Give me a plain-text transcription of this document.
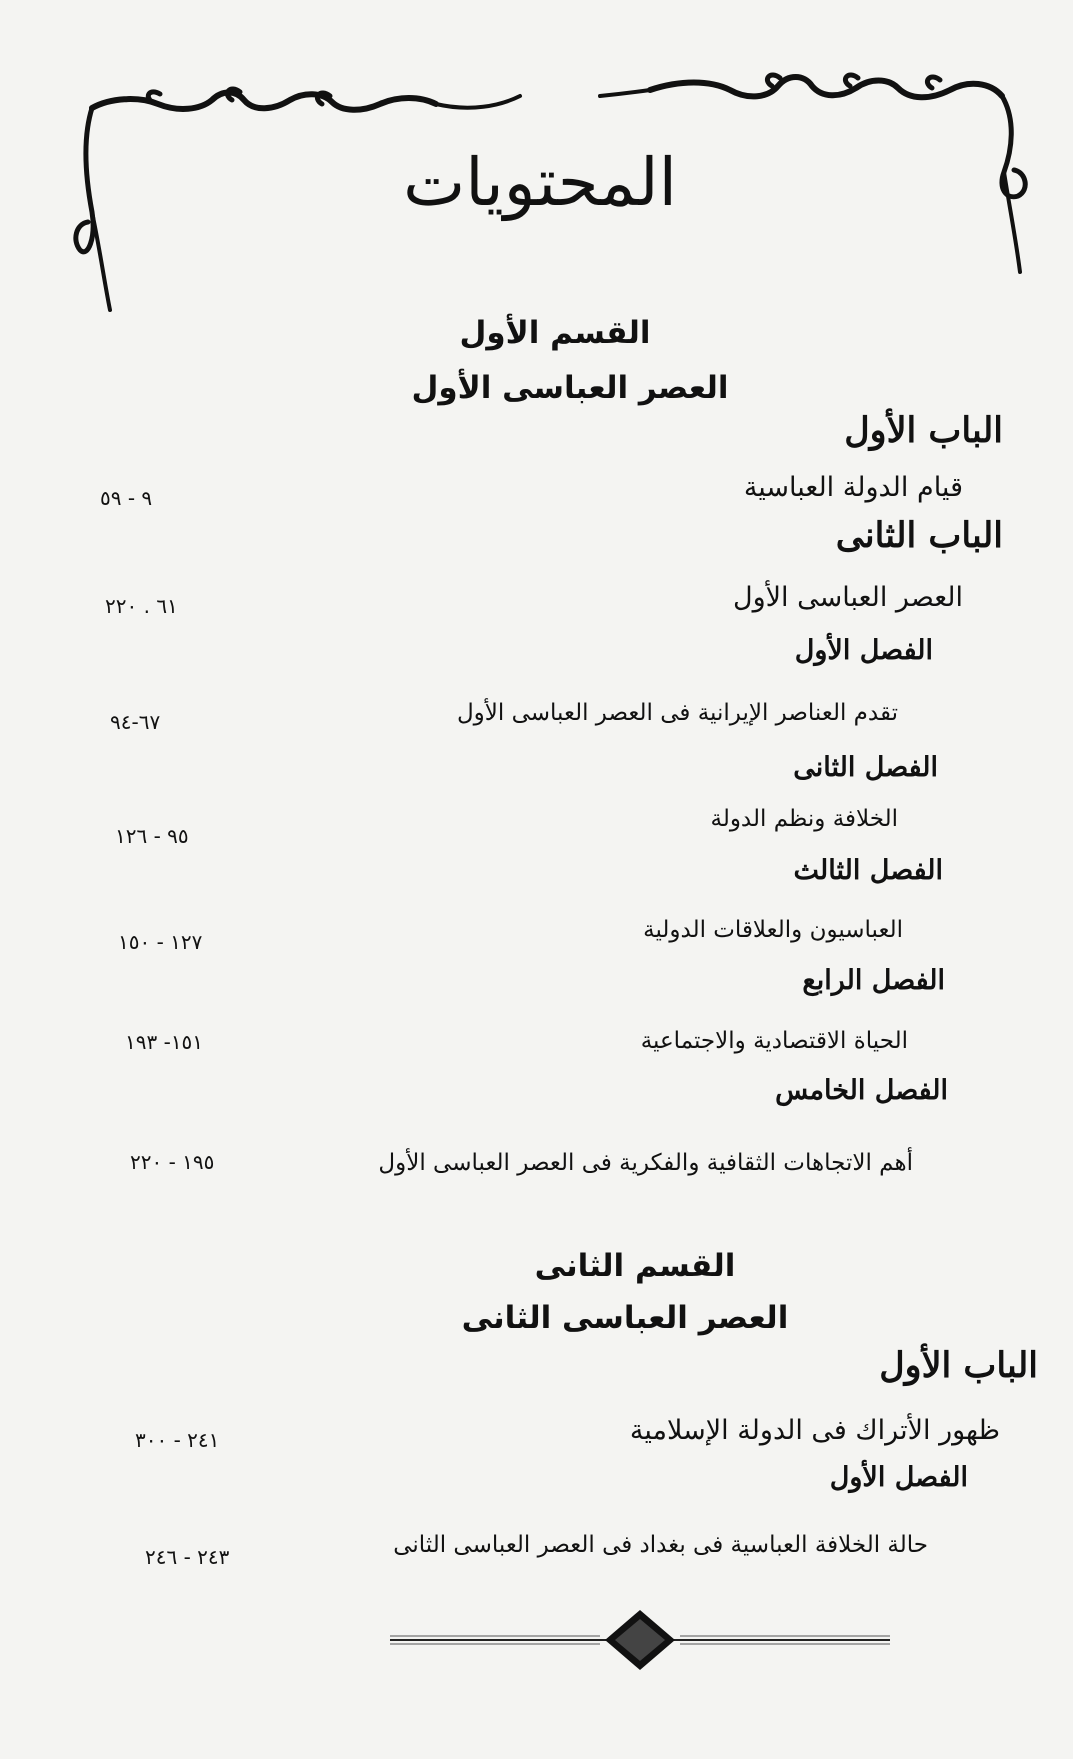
المحتويات
القسم الأول
العصر العباسى الأول
الباب الأول
قيام الدولة العباسية
٩ - ٥٩
الباب الثانى
العصر العباسى الأول
٦١ . ٢٢٠
الفصل الأول
تقدم العناصر الإيرانية فى العصر العباسى الأول
٦٧-٩٤
الفصل الثانى
الخلافة ونظم الدولة
٩٥ - ١٢٦
الفصل الثالث
العباسيون والعلاقات الدولية
١٢٧ - ١٥٠
الفصل الرابع
الحياة الاقتصادية والاجتماعية
١٥١- ١٩٣
الفصل الخامس
أهم الاتجاهات الثقافية والفكرية فى العصر العباسى الأول
١٩٥ - ٢٢٠
القسم الثانى
العصر العباسى الثانى
الباب الأول
ظهور الأتراك فى الدولة الإسلامية
٢٤١ - ٣٠٠
الفصل الأول
حالة الخلافة العباسية فى بغداد فى العصر العباسى الثانى
٢٤٣ - ٢٤٦
